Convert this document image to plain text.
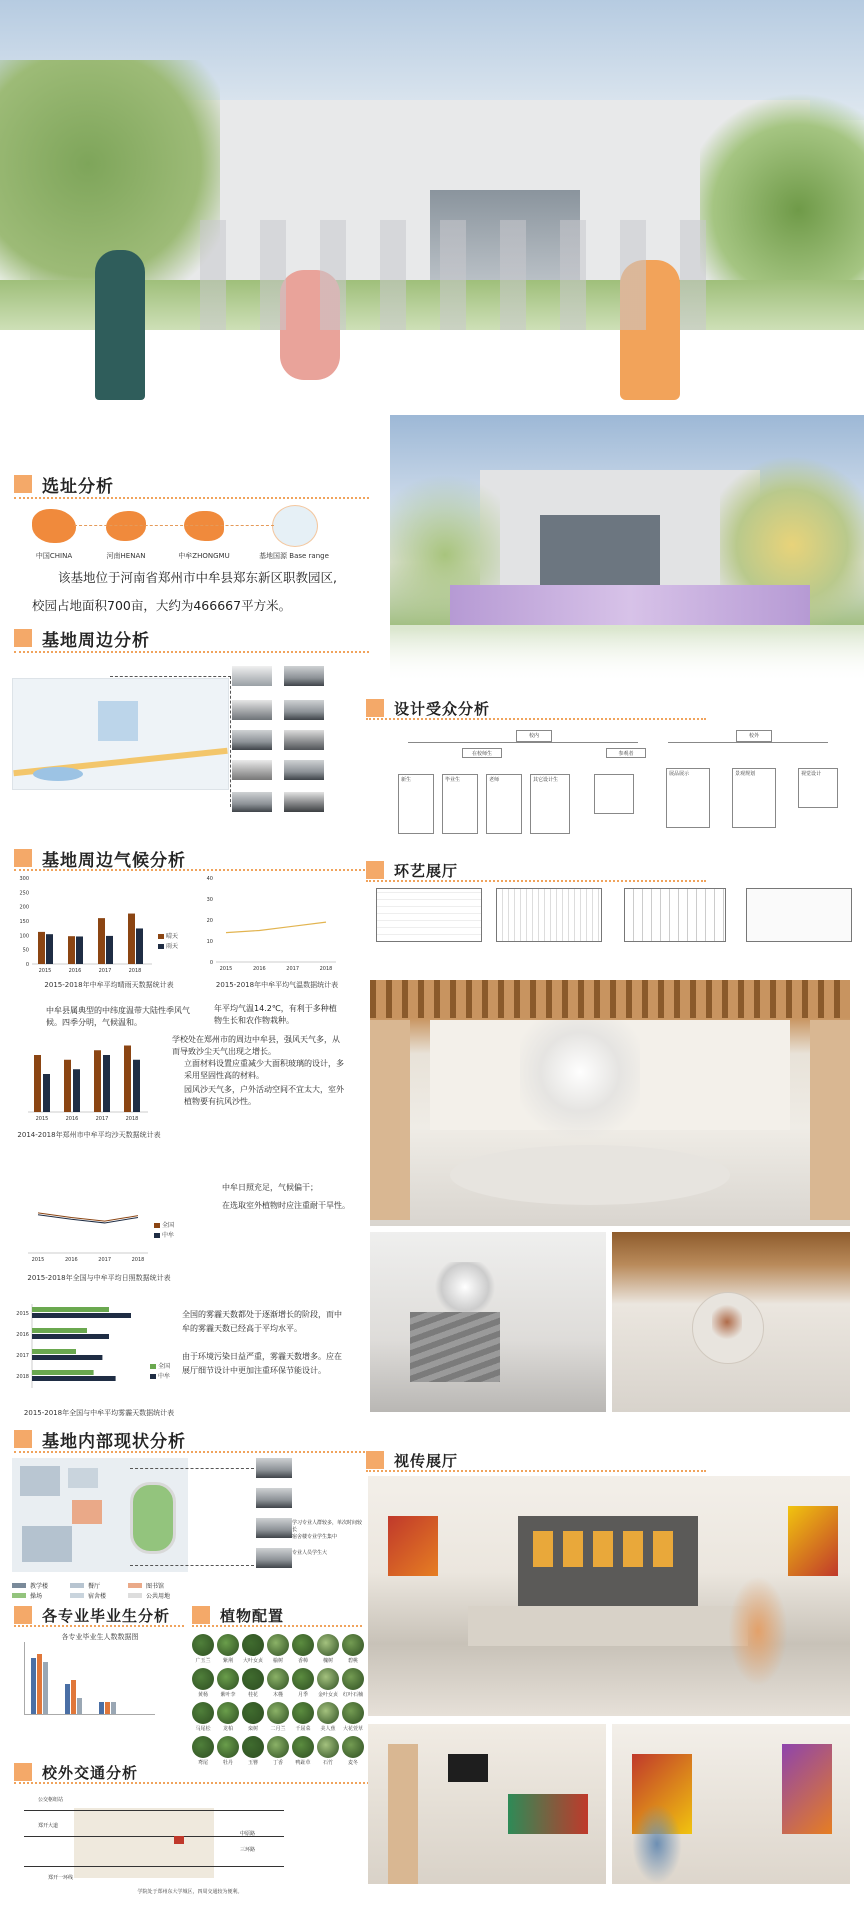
选址分析
中国CHINA	河南HENAN	中牟ZHONGMU	基地国源 Base range
该基地位于河南省郑州市中牟县郑东新区职教园区,
校园占地面积700亩，大约为466667平方米。
基地周边分析
设计受众分析
校内	校外
在校师生	参观者
新生	毕业生	老师	其它设计生
展品展示	景观规划	视觉设计
基地周边气候分析
300
250
200
150
100
50
0
2015	2016	2017	2018
晴天
雨天
2015-2018年中牟平均晴雨天数据统计表
40
30
20
10
0
2015	2016	2017	2018
2015-2018年中牟平均气温数据统计表
中牟县属典型的中纬度温带大陆性季风气候。四季分明，气候温和。
年平均气温14.2℃，有利于多种植物生长和农作物栽种。
2015	2016	2017	2018
2014-2018年郑州市中牟平均沙天数据统计表
学校处在郑州市的周边中牟县，强风天气多，从而导致沙尘天气出现之增长。
立面材料设置应重减少大面积玻璃的设计，多采用坚固性高的材料。
园风沙天气多，户外活动空间不宜太大，室外植物要有抗风沙性。
2015	2016	2017	2018
全国
中牟
2015-2018年全国与中牟平均日照数据统计表
中牟日照充足，气候偏干；
在选取室外植物时应注重耐干旱性。
2015
2016
2017
2018
全国
中牟
2015-2018年全国与中牟平均雾霾天数据统计表
全国的雾霾天数都处于逐渐增长的阶段，而中牟的雾霾天数已经高于平均水平。
由于环境污染日益严重，雾霾天数增多。应在展厅细节设计中更加注重环保节能设计。
环艺展厅
基地内部现状分析
学习专业人群较多，单次时间较长
宿舍楼专业学生集中
专业人员学生大
教学楼	餐厅	图书馆
操场	宿舍楼	公共用地
各专业毕业生分析
各专业毕业生人数数据图
植物配置
广玉兰	紫荆	大叶女贞	榆树	香樟	槐树	碧桃
黄杨	紫叶李	桂花	木槿	月季	金叶女贞 红叶石楠
马尾松	龙柏	栾树	二月兰	千屈菜	美人蕉	大花萱草
鸢尾	牡丹	玉簪	丁香	鸭趾草	石竹	麦冬
校外交通分析
公交枢纽站
郑开大道
中原路
三环路
郑开一环线
学院处于郑州东大学城区，四周交通较为便利。
视传展厅
